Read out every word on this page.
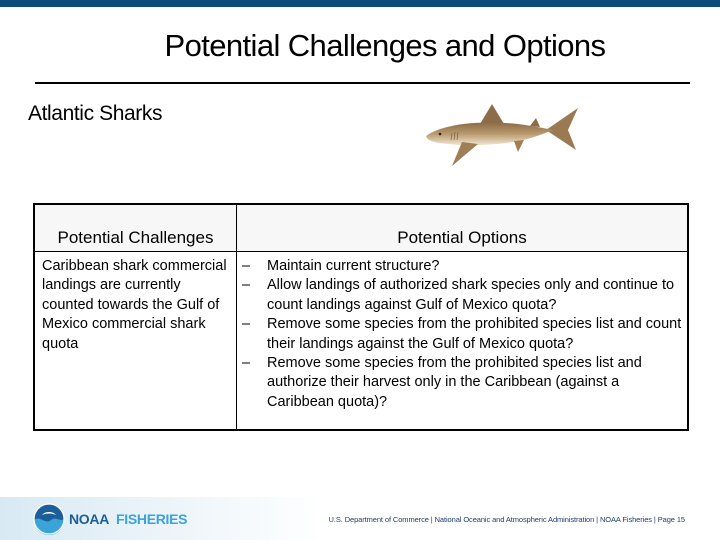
Potential Challenges and Options
Atlantic Sharks
Potential Challenges	Potential Options
Caribbean shark commercial landings are currently counted towards the Gulf of Mexico commercial shark quota
– Maintain current structure?
– Allow landings of authorized shark species only and continue to count landings against Gulf of Mexico quota?
– Remove some species from the prohibited species list and count their landings against the Gulf of Mexico quota?
– Remove some species from the prohibited species list and authorize their harvest only in the Caribbean (against a Caribbean quota)?
NOAA FISHERIES	U.S. Department of Commerce | National Oceanic and Atmospheric Administration | NOAA Fisheries | Page 15
